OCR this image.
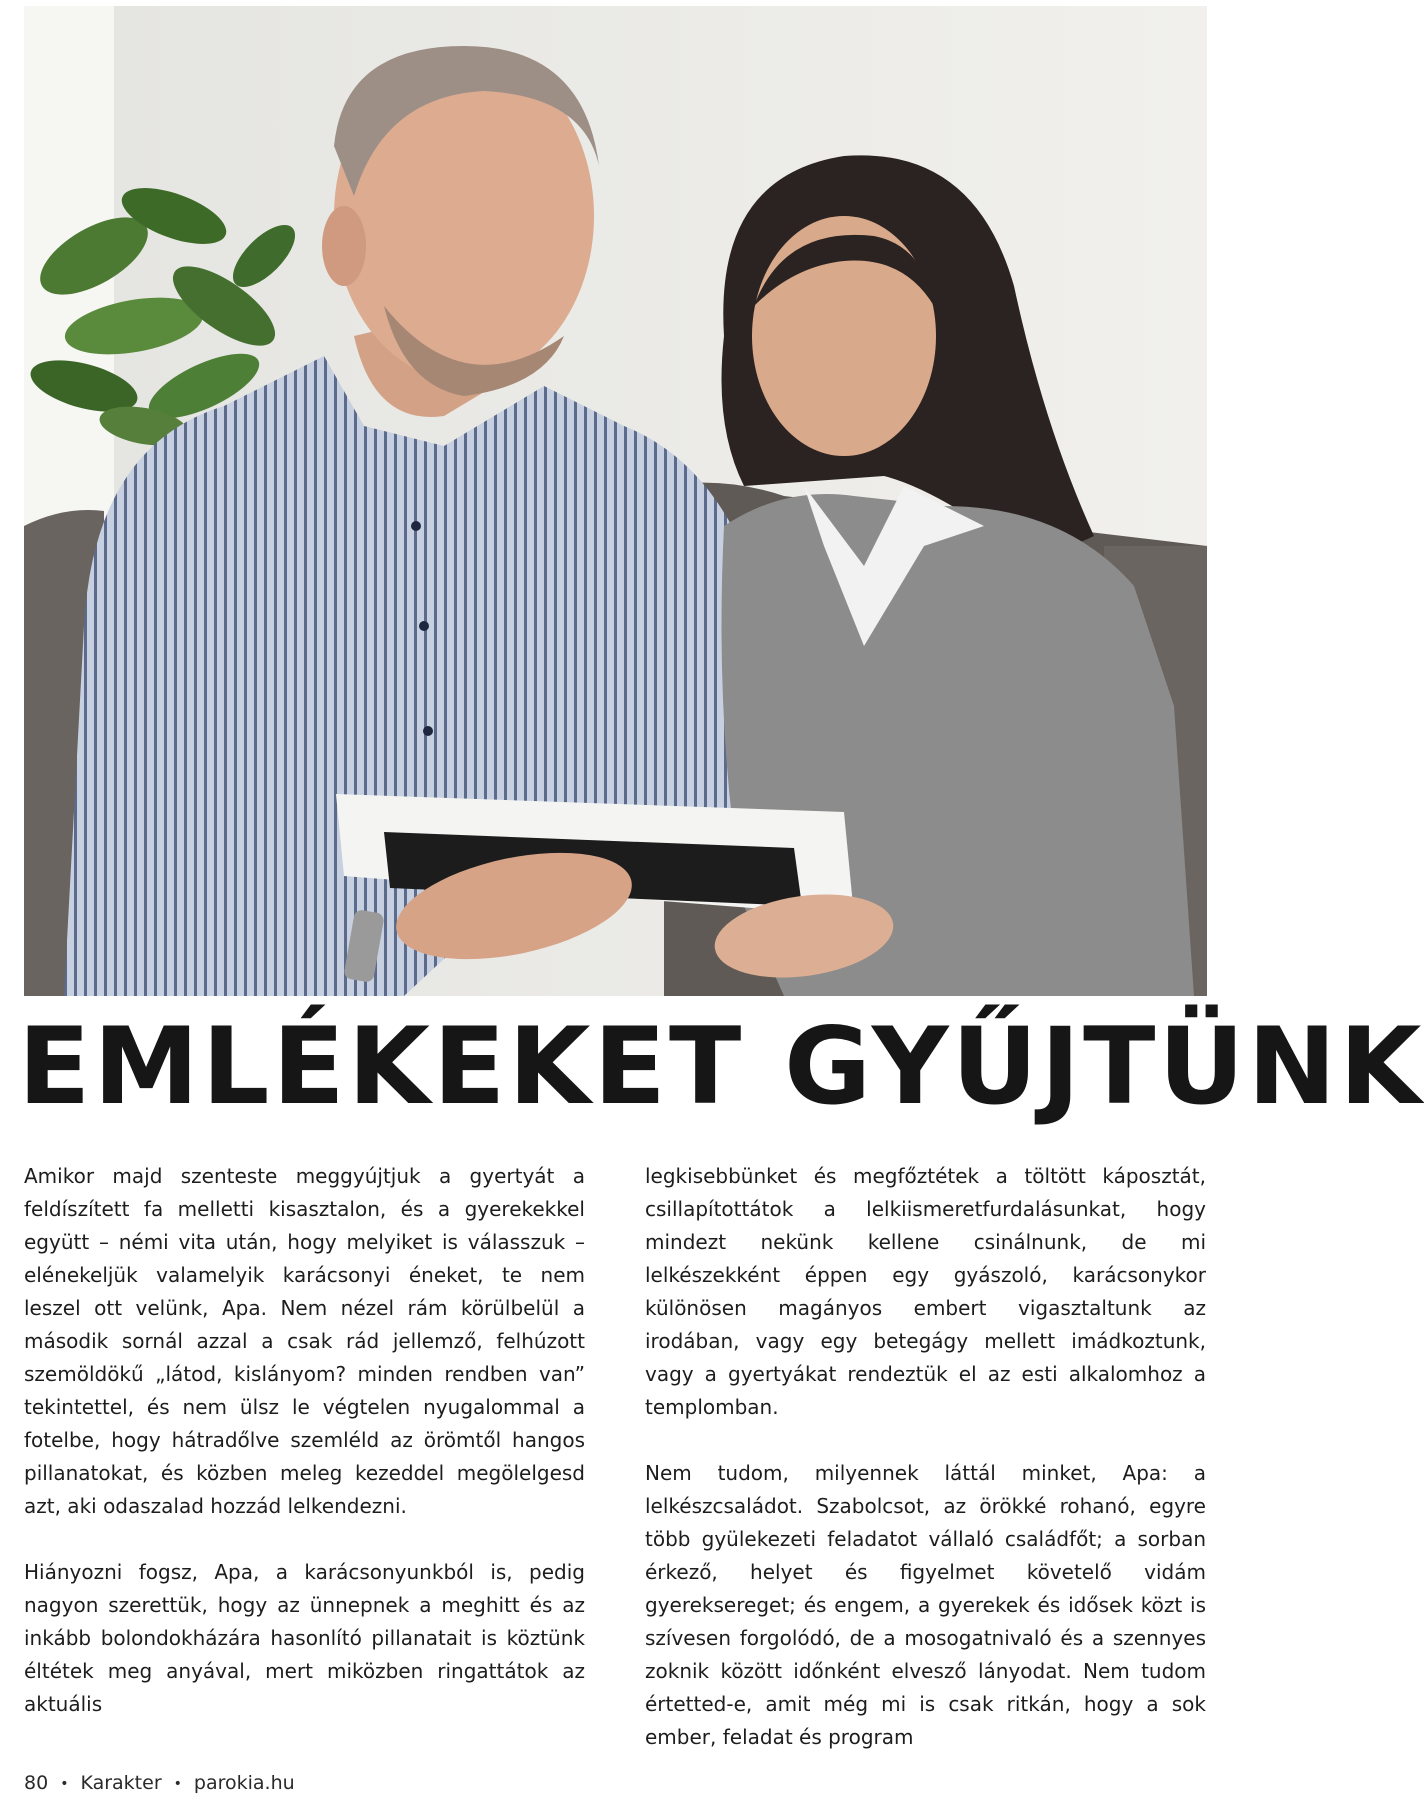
EMLÉKEKET GYŰJTÜNK

Amikor majd szenteste meggyújtjuk a gyertyát a feldíszített fa melletti kisasztalon, és a gyerekekkel együtt – némi vita után, hogy melyiket is válasszuk – elénekeljük valamelyik karácsonyi éneket, te nem leszel ott velünk, Apa. Nem nézel rám körülbelül a második sornál azzal a csak rád jellemző, felhúzott szemöldökű „látod, kislányom? minden rendben van” tekintettel, és nem ülsz le végtelen nyugalommal a fotelbe, hogy hátradőlve szemléld az örömtől hangos pillanatokat, és közben meleg kezeddel megölelgesd azt, aki odaszalad hozzád lelkendezni.

Hiányozni fogsz, Apa, a karácsonyunkból is, pedig nagyon szerettük, hogy az ünnepnek a meghitt és az inkább bolondokházára hasonlító pillanatait is köztünk éltétek meg anyával, mert miközben ringattátok az aktuális

legkisebbünket és megfőztétek a töltött káposztát, csillapítottátok a lelkiismeretfurdalásunkat, hogy mindezt nekünk kellene csinálnunk, de mi lelkészekként éppen egy gyászoló, karácsonykor különösen magányos embert vigasztaltunk az irodában, vagy egy betegágy mellett imádkoztunk, vagy a gyertyákat rendeztük el az esti alkalomhoz a templomban.

Nem tudom, milyennek láttál minket, Apa: a lelkészcsaládot. Szabolcsot, az örökké rohanó, egyre több gyülekezeti feladatot vállaló családfőt; a sorban érkező, helyet és figyelmet követelő vidám gyereksereget; és engem, a gyerekek és idősek közt is szívesen forgolódó, de a mosogatnivaló és a szennyes zoknik között időnként elvesző lányodat. Nem tudom értetted-e, amit még mi is csak ritkán, hogy a sok ember, feladat és program

80 • Karakter • parokia.hu
